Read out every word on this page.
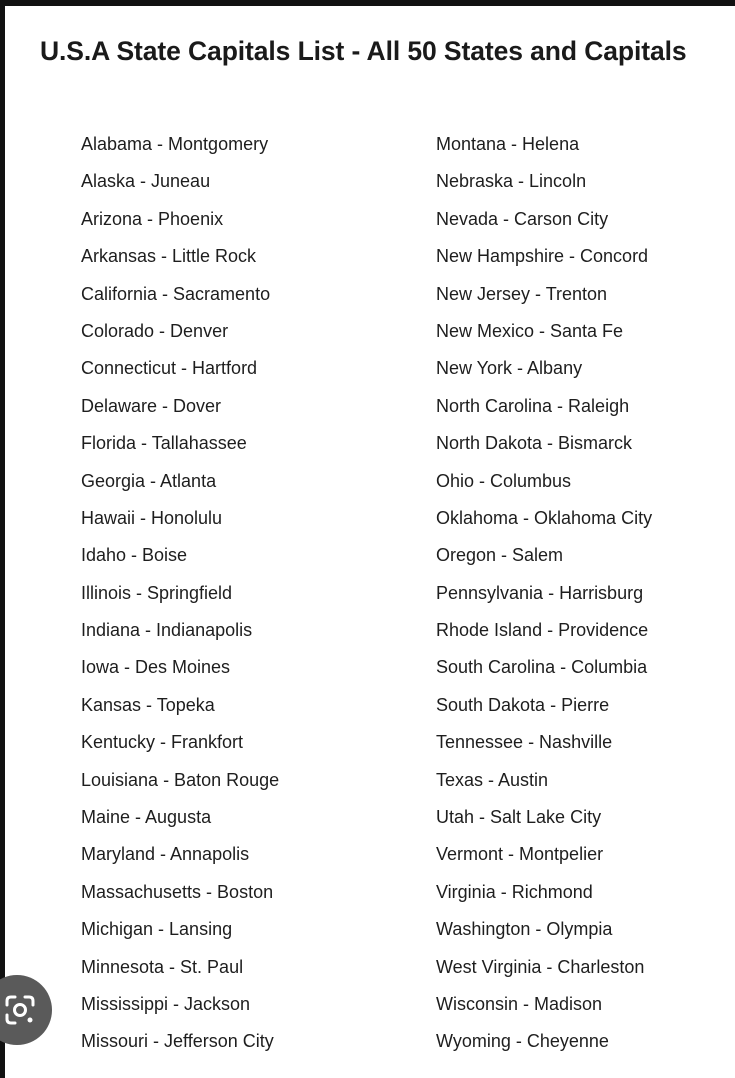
U.S.A State Capitals List - All 50 States and Capitals
Alabama - Montgomery
Alaska - Juneau
Arizona - Phoenix
Arkansas - Little Rock
California - Sacramento
Colorado - Denver
Connecticut - Hartford
Delaware - Dover
Florida - Tallahassee
Georgia - Atlanta
Hawaii - Honolulu
Idaho - Boise
Illinois - Springfield
Indiana - Indianapolis
Iowa - Des Moines
Kansas - Topeka
Kentucky - Frankfort
Louisiana - Baton Rouge
Maine - Augusta
Maryland - Annapolis
Massachusetts - Boston
Michigan - Lansing
Minnesota - St. Paul
Mississippi - Jackson
Missouri - Jefferson City
Montana - Helena
Nebraska - Lincoln
Nevada - Carson City
New Hampshire - Concord
New Jersey - Trenton
New Mexico - Santa Fe
New York - Albany
North Carolina - Raleigh
North Dakota - Bismarck
Ohio - Columbus
Oklahoma - Oklahoma City
Oregon - Salem
Pennsylvania - Harrisburg
Rhode Island - Providence
South Carolina - Columbia
South Dakota - Pierre
Tennessee - Nashville
Texas - Austin
Utah - Salt Lake City
Vermont - Montpelier
Virginia - Richmond
Washington - Olympia
West Virginia - Charleston
Wisconsin - Madison
Wyoming - Cheyenne
